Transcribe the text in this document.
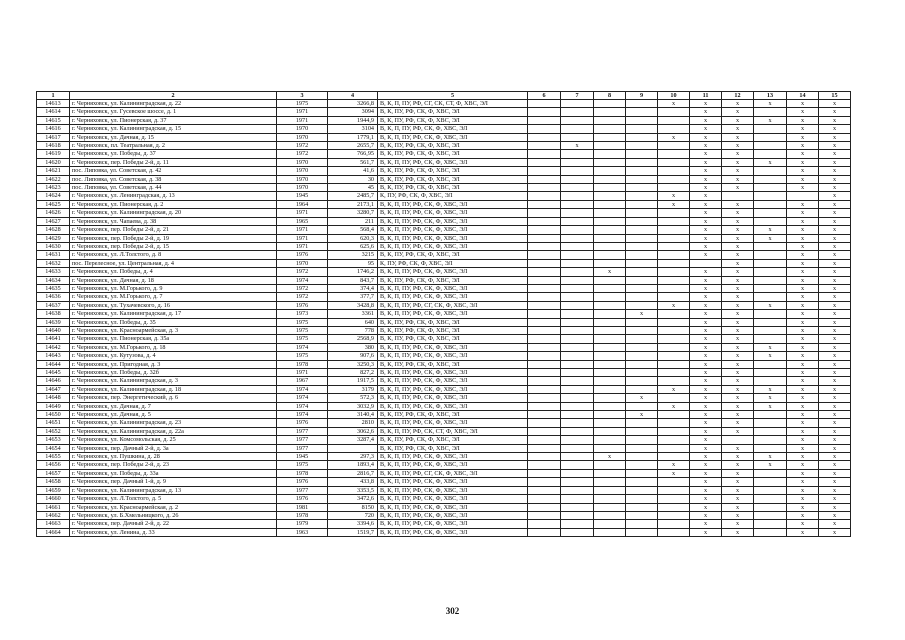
1	2	3	4	5	6	7	8	9	10	11	12	13	14	15
14613	г. Черняховск, ул. Калининградская, д. 22	1975	3266,8	В, К, П, ПУ, РФ, СГ, СК, СТ, Ф, ХВС, ЭЛ					x	x	x	x	x	x
14614	г. Черняховск, ул. Гусевское шоссе, д. 1	1971	3094	В, К, ПУ, РФ, СК, Ф, ХВС, ЭЛ						x	x		x	x
14615	г. Черняховск, ул. Пионерская, д. 37	1971	1944,9	В, К, ПУ, РФ, СК, Ф, ХВС, ЭЛ						x	x	x	x	x
14616	г. Черняховск, ул. Калининградская, д. 15	1970	3104	В, К, П, ПУ, РФ, СК, Ф, ХВС, ЭЛ						x	x		x	x
14617	г. Черняховск, ул. Дачная, д. 15	1970	1779,1	В, К, П, ПУ, РФ, СК, Ф, ХВС, ЭЛ					x	x	x		x	x
14618	г. Черняховск, пл. Театральная, д. 2	1972	2655,7	В, К, ПУ, РФ, СК, Ф, ХВС, ЭЛ		x				x	x		x	x
14619	г. Черняховск, ул. Победы, д. 37	1972	766,95	В, К, ПУ, РФ, СК, Ф, ХВС, ЭЛ						x	x		x	x
14620	г. Черняховск, пер. Победы 2-й, д. 11	1970	561,7	В, К, П, ПУ, РФ, СК, Ф, ХВС, ЭЛ						x	x	x	x	x
14621	пос. Липовка, ул. Советская, д. 42	1970	41,6	В, К, ПУ, РФ, СК, Ф, ХВС, ЭЛ						x	x		x	x
14622	пос. Липовка, ул. Советская, д. 38	1970	30	В, К, ПУ, РФ, СК, Ф, ХВС, ЭЛ						x	x		x	x
14623	пос. Липовка, ул. Советская, д. 44	1970	45	В, К, ПУ, РФ, СК, Ф, ХВС, ЭЛ						x	x		x	x
14624	г. Черняховск, ул. Ленинградская, д. 13	1945	2485,7	К, ПУ, РФ, СК, Ф, ХВС, ЭЛ					x	x				x
14625	г. Черняховск, ул. Пионерская, д. 2	1964	2173,1	В, К, П, ПУ, РФ, СК, Ф, ХВС, ЭЛ					x	x	x		x	x
14626	г. Черняховск, ул. Калининградская, д. 20	1971	3280,7	В, К, П, ПУ, РФ, СК, Ф, ХВС, ЭЛ						x	x		x	x
14627	г. Черняховск, ул. Чапаева, д. 38	1965	211	В, К, П, ПУ, РФ, СК, Ф, ХВС, ЭЛ						x	x		x	x
14628	г. Черняховск, пер. Победы 2-й, д. 21	1971	568,4	В, К, П, ПУ, РФ, СК, Ф, ХВС, ЭЛ						x	x	x	x	x
14629	г. Черняховск, пер. Победы 2-й, д. 19	1971	620,3	В, К, П, ПУ, РФ, СК, Ф, ХВС, ЭЛ						x	x	x	x	x
14630	г. Черняховск, пер. Победы 2-й, д. 15	1971	625,6	В, К, П, ПУ, РФ, СК, Ф, ХВС, ЭЛ						x	x		x	x
14631	г. Черняховск, ул. Л.Толстого, д. 8	1976	3215	В, К, ПУ, РФ, СК, Ф, ХВС, ЭЛ						x	x		x	x
14632	пос. Перелесное, ул. Центральная, д. 4	1970	95	К, ПУ, РФ, СК, Ф, ХВС, ЭЛ							x		x	x
14633	г. Черняховск, ул. Победы, д. 4	1972	1746,2	В, К, П, ПУ, РФ, СК, Ф, ХВС, ЭЛ			x			x	x		x	x
14634	г. Черняховск, ул. Дачная, д. 18	1974	843,7	В, К, ПУ, РФ, СК, Ф, ХВС, ЭЛ						x	x		x	x
14635	г. Черняховск, ул. М.Горького, д. 9	1972	374,4	В, К, П, ПУ, РФ, СК, Ф, ХВС, ЭЛ						x	x		x	x
14636	г. Черняховск, ул. М.Горького, д. 7	1972	377,7	В, К, П, ПУ, РФ, СК, Ф, ХВС, ЭЛ						x	x		x	x
14637	г. Черняховск, ул. Тухачевского, д. 16	1976	3428,8	В, К, П, ПУ, РФ, СГ, СК, Ф, ХВС, ЭЛ					x	x	x	x	x	x
14638	г. Черняховск, ул. Калининградская, д. 17	1973	3361	В, К, П, ПУ, РФ, СК, Ф, ХВС, ЭЛ				x		x	x		x	x
14639	г. Черняховск, ул. Победы, д. 35	1975	640	В, К, ПУ, РФ, СК, Ф, ХВС, ЭЛ						x	x		x	x
14640	г. Черняховск, ул. Красноармейская, д. 3	1975	778	В, К, ПУ, РФ, СК, Ф, ХВС, ЭЛ						x	x		x	x
14641	г. Черняховск, ул. Пионерская, д. 35а	1975	2568,9	В, К, ПУ, РФ, СК, Ф, ХВС, ЭЛ						x	x		x	x
14642	г. Черняховск, ул. М.Горького, д. 18	1974	380	В, К, П, ПУ, РФ, СК, Ф, ХВС, ЭЛ						x	x	x	x	x
14643	г. Черняховск, ул. Кутузова, д. 4	1975	907,6	В, К, П, ПУ, РФ, СК, Ф, ХВС, ЭЛ						x	x	x	x	x
14644	г. Черняховск, ул. Пригодная, д. 3	1978	3250,3	В, К, ПУ, РФ, СК, Ф, ХВС, ЭЛ						x	x		x	x
14645	г. Черняховск, ул. Победы, д. 32б	1971	827,2	В, К, П, ПУ, РФ, СК, Ф, ХВС, ЭЛ						x	x		x	x
14646	г. Черняховск, ул. Калининградская, д. 3	1967	1917,5	В, К, П, ПУ, РФ, СК, Ф, ХВС, ЭЛ						x	x		x	x
14647	г. Черняховск, ул. Калининградская, д. 18	1974	3179	В, К, П, ПУ, РФ, СК, Ф, ХВС, ЭЛ					x	x	x	x	x	x
14648	г. Черняховск, пер. Энергетический, д. 6	1974	572,3	В, К, П, ПУ, РФ, СК, Ф, ХВС, ЭЛ				x		x	x	x	x	x
14649	г. Черняховск, ул. Дачная, д. 7	1974	3032,9	В, К, П, ПУ, РФ, СК, Ф, ХВС, ЭЛ					x	x	x	x	x	x
14650	г. Черняховск, ул. Дачная, д. 5	1974	3140,4	В, К, ПУ, РФ, СК, Ф, ХВС, ЭЛ				x		x	x		x	x
14651	г. Черняховск, ул. Калининградская, д. 23	1976	2810	В, К, П, ПУ, РФ, СК, Ф, ХВС, ЭЛ						x	x		x	x
14652	г. Черняховск, ул. Калининградская, д. 22а	1977	3062,6	В, К, П, ПУ, РФ, СК, СТ, Ф, ХВС, ЭЛ						x	x		x	x
14653	г. Черняховск, ул. Комсомольская, д. 25	1977	3287,4	В, К, ПУ, РФ, СК, Ф, ХВС, ЭЛ						x			x	x
14654	г. Черняховск, пер. Дачный 2-й, д. 3а	1977		В, К, ПУ, РФ, СК, Ф, ХВС, ЭЛ						x	x		x	x
14655	г. Черняховск, ул. Пушкина, д. 28	1945	297,3	В, К, П, ПУ, РФ, СК, Ф, ХВС, ЭЛ			x			x	x	x	x	x
14656	г. Черняховск, пер. Победы 2-й, д. 23	1975	1893,4	В, К, П, ПУ, РФ, СК, Ф, ХВС, ЭЛ					x	x	x	x	x	x
14657	г. Черняховск, ул. Победы, д. 33а	1978	2816,7	В, К, П, ПУ, РФ, СГ, СК, Ф, ХВС, ЭЛ					x	x	x		x	x
14658	г. Черняховск, пер. Дачный 1-й, д. 9	1976	433,8	В, К, П, ПУ, РФ, СК, Ф, ХВС, ЭЛ						x	x		x	x
14659	г. Черняховск, ул. Калининградская, д. 13	1977	3353,5	В, К, П, ПУ, РФ, СК, Ф, ХВС, ЭЛ						x	x		x	x
14660	г. Черняховск, ул. Л.Толстого, д. 5	1976	3472,6	В, К, П, ПУ, РФ, СК, Ф, ХВС, ЭЛ						x	x		x	x
14661	г. Черняховск, ул. Красноармейская, д. 2	1981	8150	В, К, П, ПУ, РФ, СК, Ф, ХВС, ЭЛ						x	x		x	x
14662	г. Черняховск, ул. Б.Хмельницкого, д. 26	1978	720	В, К, П, ПУ, РФ, СК, Ф, ХВС, ЭЛ						x	x		x	x
14663	г. Черняховск, пер. Дачный 2-й, д. 22	1979	3394,6	В, К, П, ПУ, РФ, СК, Ф, ХВС, ЭЛ						x	x		x	x
14664	г. Черняховск, ул. Ленина, д. 33	1963	1519,7	В, К, П, ПУ, РФ, СК, Ф, ХВС, ЭЛ						x	x		x	x
302
